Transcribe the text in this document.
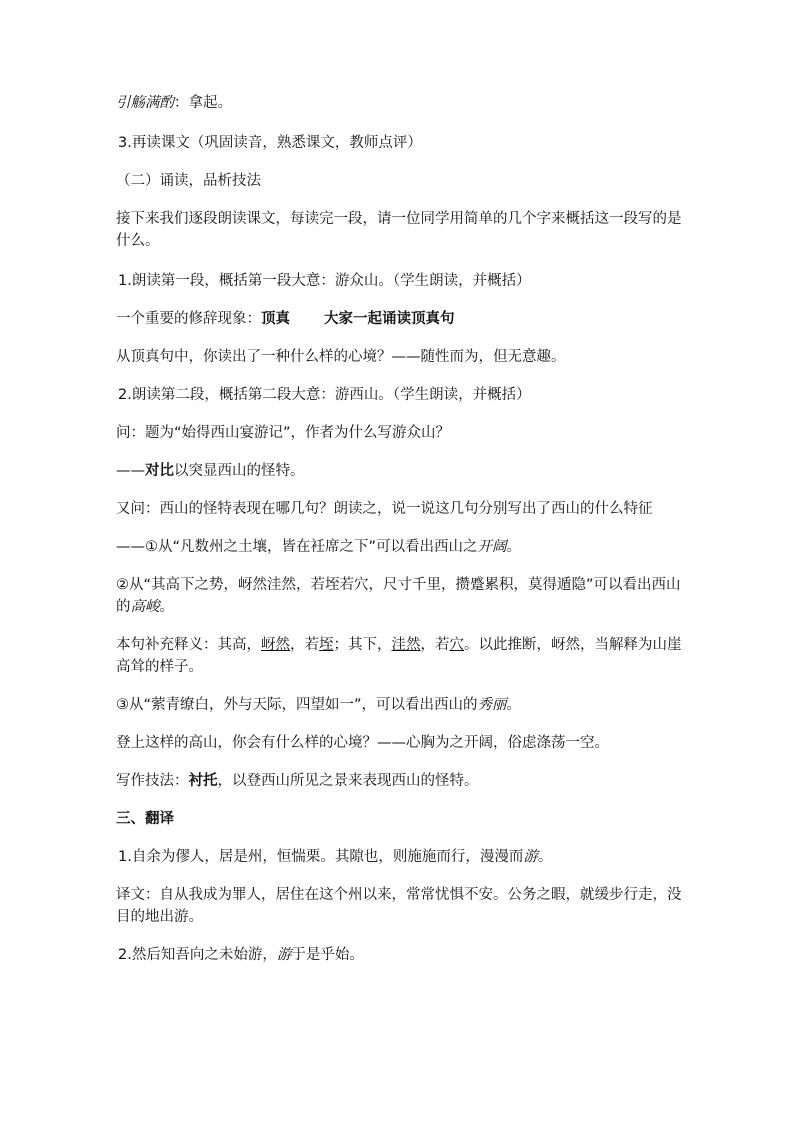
引觞满酌：拿起。

3.再读课文（巩固读音，熟悉课文，教师点评）

（二）诵读，品析技法

接下来我们逐段朗读课文，每读完一段，请一位同学用简单的几个字来概括这一段写的是什么。

1.朗读第一段，概括第一段大意：游众山。（学生朗读，并概括）

一个重要的修辞现象：顶真 大家一起诵读顶真句

从顶真句中，你读出了一种什么样的心境？——随性而为，但无意趣。

2.朗读第二段，概括第二段大意：游西山。（学生朗读，并概括）

问：题为“始得西山宴游记”，作者为什么写游众山？

——对比以突显西山的怪特。

又问：西山的怪特表现在哪几句？朗读之，说一说这几句分别写出了西山的什么特征

——①从“凡数州之土壤，皆在衽席之下”可以看出西山之开阔。

②从“其高下之势，岈然洼然，若垤若穴，尺寸千里，攒蹙累积，莫得遁隐”可以看出西山的高峻。

本句补充释义：其高，岈然，若垤；其下，洼然，若穴。以此推断，岈然，当解释为山崖高耸的样子。

③从“萦青缭白，外与天际，四望如一”，可以看出西山的秀丽。

登上这样的高山，你会有什么样的心境？——心胸为之开阔，俗虑涤荡一空。

写作技法：衬托，以登西山所见之景来表现西山的怪特。

三、翻译

1.自余为僇人，居是州，恒惴栗。其隙也，则施施而行，漫漫而游。

译文：自从我成为罪人，居住在这个州以来，常常忧惧不安。公务之暇，就缓步行走，没目的地出游。

2.然后知吾向之未始游，游于是乎始。
